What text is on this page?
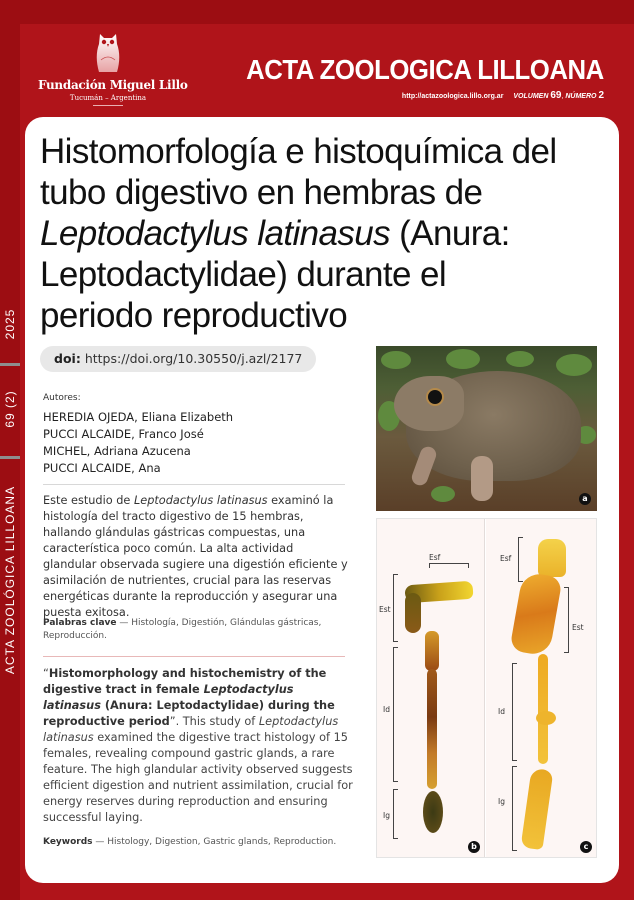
Fundación Miguel Lillo
Tucumán – Argentina
ACTA ZOOLOGICA LILLOANA
http://actazoologica.lillo.org.ar VOLUMEN 69, NÚMERO 2
2025
69 (2)
ACTA ZOOLÓGICA LILLOANA
Histomorfología e histoquímica del
tubo digestivo en hembras de
Leptodactylus latinasus (Anura:
Leptodactylidae) durante el
periodo reproductivo
doi: https://doi.org/10.30550/j.azl/2177
Autores:
HEREDIA OJEDA, Eliana Elizabeth
PUCCI ALCAIDE, Franco José
MICHEL, Adriana Azucena
PUCCI ALCAIDE, Ana
Este estudio de Leptodactylus latinasus examinó la histología del tracto digestivo de 15 hembras, hallando glándulas gástricas compuestas, una característica poco común. La alta actividad glandular observada sugiere una digestión eficiente y asimilación de nutrientes, crucial para las reservas energéticas durante la reproducción y asegurar una puesta exitosa.
Palabras clave — Histología, Digestión, Glándulas gástricas, Reproducción.
“Histomorphology and histochemistry of the digestive tract in female Leptodactylus latinasus (Anura: Leptodactylidae) during the reproductive period”. This study of Leptodactylus latinasus examined the digestive tract histology of 15 females, revealing compound gastric glands, a rare feature. The high glandular activity observed suggests efficient digestion and nutrient assimilation, crucial for energy reserves during reproduction and ensuring successful laying.
Keywords — Histology, Digestion, Gastric glands, Reproduction.
a
Esf
Est
Id
Ig
b
Esf
Est
Id
Ig
c
